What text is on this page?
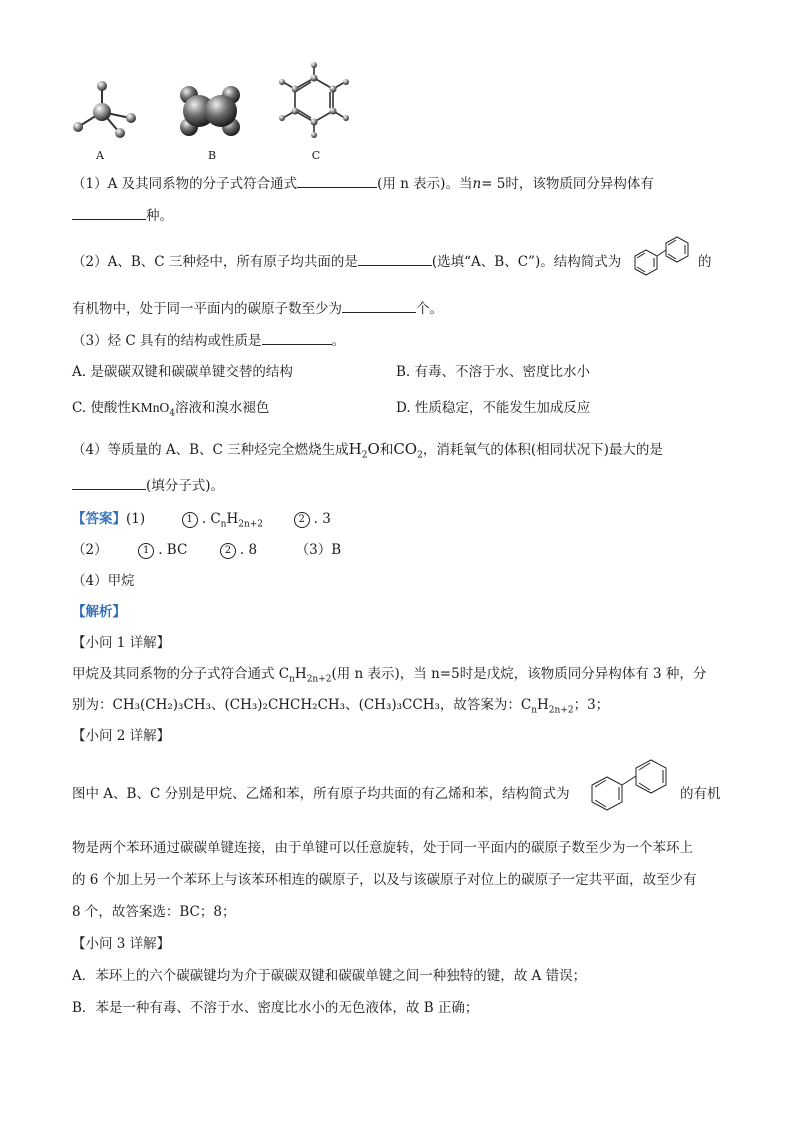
A	B	C
（1）A 及其同系物的分子式符合通式	(用 n 表示)。当n= 5时，该物质同分异构体有
种。
（2）A、B、C 三种烃中，所有原子均共面的是	(选填“A、B、C”)。结构简式为	的
有机物中，处于同一平面内的碳原子数至少为	个。
（3）烃 C 具有的结构或性质是	。
A. 是碳碳双键和碳碳单键交替的结构	B. 有毒、不溶于水、密度比水小
C. 使酸性KMnO$_4$溶液和溴水褪色	D. 性质稳定，不能发生加成反应
（4）等质量的 A、B、C 三种烃完全燃烧生成$H_2O$和$CO_2$，消耗氧气的体积(相同状况下)最大的是
(填分子式)。
【答案】(1)	1 . $C_nH_{2n+2}$	2 . 3
（2）	1 . BC	2 . 8	（3）B
（4）甲烷
【解析】
【小问 1 详解】
甲烷及其同系物的分子式符合通式 $C_nH_{2n+2}$(用 n 表示)，当 n=5时是戊烷，该物质同分异构体有 3 种，分
别为：CH₃(CH₂)₃CH₃、(CH₃)₂CHCH₂CH₃、(CH₃)₃CCH₃，故答案为：$C_nH_{2n+2}$；3；
【小问 2 详解】
图中 A、B、C 分别是甲烷、乙烯和苯，所有原子均共面的有乙烯和苯，结构简式为	的有机
物是两个苯环通过碳碳单键连接，由于单键可以任意旋转，处于同一平面内的碳原子数至少为一个苯环上
的 6 个加上另一个苯环上与该苯环相连的碳原子，以及与该碳原子对位上的碳原子一定共平面，故至少有
8 个，故答案选：BC；8；
【小问 3 详解】
A．苯环上的六个碳碳键均为介于碳碳双键和碳碳单键之间一种独特的键，故 A 错误；
B．苯是一种有毒、不溶于水、密度比水小的无色液体，故 B 正确；
